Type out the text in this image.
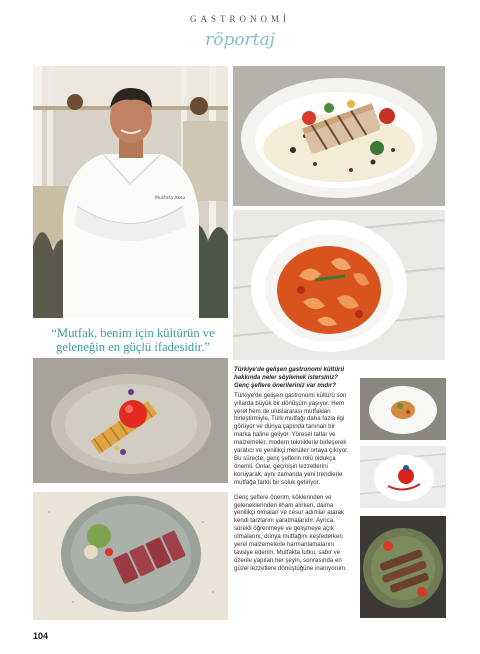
GASTRONOMİ
röportaj
Mustafa Aksu
“Mutfak, benim için kültürün ve geleneğin en güçlü ifadesidir.”

Türkiye'de gelişen gastronomi kültürü hakkında neler söylemek istersiniz? Genç şeflere önerileriniz var mıdır?

Türkiye'de gelişen gastronomi kültürü son yıllarda büyük bir dönüşüm yaşıyor. Hem yerel hem de uluslararası mutfakları birleştirmiyle, Türk mutfağı daha fazla ilgi görüyor ve dünya çapında tanınan bir marka haline geliyor. Yöresel tatlar ve malzemeler, modern tekniklerle birleşerek yaratıcı ve yenilikçi menüler ortaya çıkıyor. Bu süreçte, genç şeflerin rolü oldukça önemli. Onlar, geçmişin lezzetlerini koruyarak, aynı zamanda yeni trendlerle mutfağa farklı bir soluk getiriyor.

Genç şeflere önerim, köklerinden ve geleneklerinden ilham alırken, daima yenilikçi olmaları ve cesur adımlar atarak kendi tarzlarını yaratmalarıdır. Ayrıca, sürekli öğrenmeye ve gelişmeye açık olmalarını, dünya mutfağını keşfederken yerel malzemelerle harmanlamalarını tavsiye ederim. Mutfakta tutku, sabır ve özenle yapılan her şeyin, sonrasında en güzel lezzetlere dönüştüğüne inanıyorum.

104
